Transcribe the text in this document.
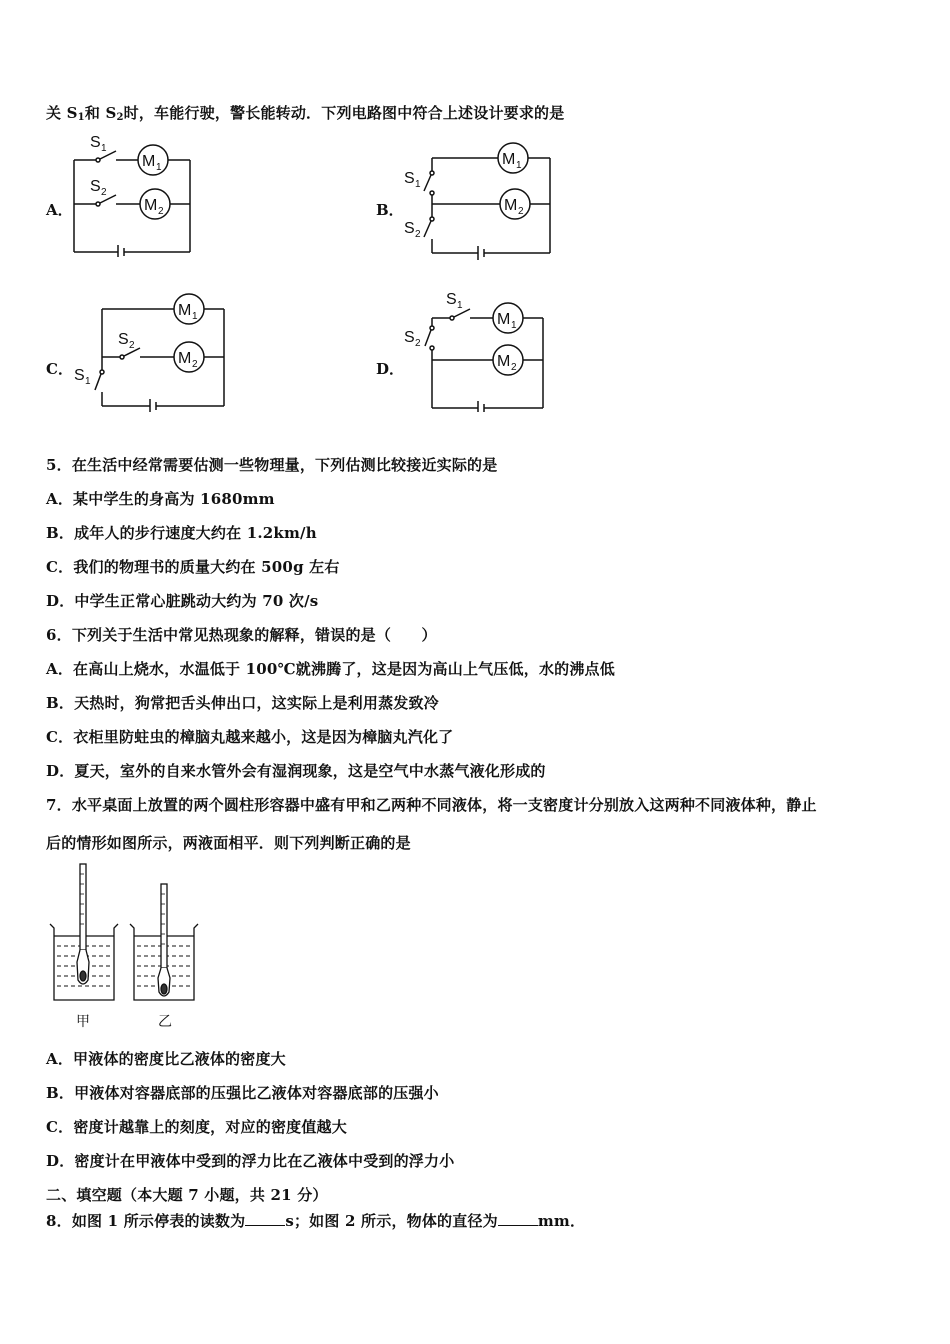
关 $S_1$和 $S_2$时，车能行驶，警长能转动．下列电路图中符合上述设计要求的是
A．
S 1
S 2
M 1
M 2	B．
S 1
S 2
M 1
M 2
C． S 1
S 2
M 1
M 2	D．
S 1
S 2
M 1
M 2
5．在生活中经常需要估测一些物理量，下列估测比较接近实际的是
A．某中学生的身高为 1680mm
B．成年人的步行速度大约在 1.2km/h
C．我们的物理书的质量大约在 500g 左右
D．中学生正常心脏跳动大约为 70 次/s
6．下列关于生活中常见热现象的解释，错误的是（　　）
A．在高山上烧水，水温低于 100℃就沸腾了，这是因为高山上气压低，水的沸点低
B．天热时，狗常把舌头伸出口，这实际上是利用蒸发致冷
C．衣柜里防蛀虫的樟脑丸越来越小，这是因为樟脑丸汽化了
D．夏天，室外的自来水管外会有湿润现象，这是空气中水蒸气液化形成的
7．水平桌面上放置的两个圆柱形容器中盛有甲和乙两种不同液体，将一支密度计分别放入这两种不同液体种，静止
后的情形如图所示，两液面相平．则下列判断正确的是
甲	乙
A．甲液体的密度比乙液体的密度大
B．甲液体对容器底部的压强比乙液体对容器底部的压强小
C．密度计越靠上的刻度，对应的密度值越大
D．密度计在甲液体中受到的浮力比在乙液体中受到的浮力小
二、填空题（本大题 7 小题，共 21 分）
8．如图 1 所示停表的读数为	s；如图 2 所示，物体的直径为	mm．
